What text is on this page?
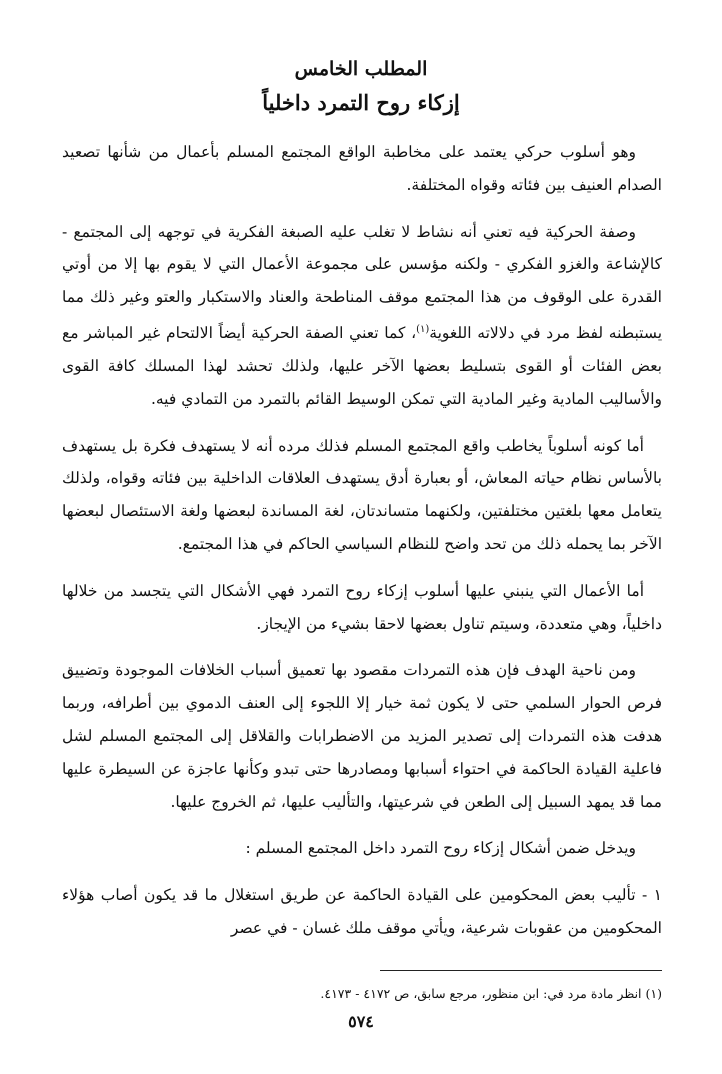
المطلب الخامس
إزكاء روح التمرد داخلياً

وهو أسلوب حركي يعتمد على مخاطبة الواقع المجتمع المسلم بأعمال من شأنها تصعيد الصدام العنيف بين فئاته وقواه المختلفة.

وصفة الحركية فيه تعني أنه نشاط لا تغلب عليه الصبغة الفكرية في توجهه إلى المجتمع - كالإشاعة والغزو الفكري - ولكنه مؤسس على مجموعة الأعمال التي لا يقوم بها إلا من أوتي القدرة على الوقوف من هذا المجتمع موقف المناطحة والعناد والاستكبار والعتو وغير ذلك مما يستبطنه لفظ مرد في دلالاته اللغوية$^{(١)}$، كما تعني الصفة الحركية أيضاً الالتحام غير المباشر مع بعض الفئات أو القوى بتسليط بعضها الآخر عليها، ولذلك تحشد لهذا المسلك كافة القوى والأساليب المادية وغير المادية التي تمكن الوسيط القائم بالتمرد من التمادي فيه.

أما كونه أسلوباً يخاطب واقع المجتمع المسلم فذلك مرده أنه لا يستهدف فكرة بل يستهدف بالأساس نظام حياته المعاش، أو بعبارة أدق يستهدف العلاقات الداخلية بين فئاته وقواه، ولذلك يتعامل معها بلغتين مختلفتين، ولكنهما متساندتان، لغة المساندة لبعضها ولغة الاستئصال لبعضها الآخر بما يحمله ذلك من تحد واضح للنظام السياسي الحاكم في هذا المجتمع.

أما الأعمال التي ينبني عليها أسلوب إزكاء روح التمرد فهي الأشكال التي يتجسد من خلالها داخلياً، وهي متعددة، وسيتم تناول بعضها لاحقا بشيء من الإيجاز.

ومن ناحية الهدف فإن هذه التمردات مقصود بها تعميق أسباب الخلافات الموجودة وتضييق فرص الحوار السلمي حتى لا يكون ثمة خيار إلا اللجوء إلى العنف الدموي بين أطرافه، وربما هدفت هذه التمردات إلى تصدير المزيد من الاضطرابات والقلاقل إلى المجتمع المسلم لشل فاعلية القيادة الحاكمة في احتواء أسبابها ومصادرها حتى تبدو وكأنها عاجزة عن السيطرة عليها مما قد يمهد السبيل إلى الطعن في شرعيتها، والتأليب عليها، ثم الخروج عليها.

ويدخل ضمن أشكال إزكاء روح التمرد داخل المجتمع المسلم :

١ - تأليب بعض المحكومين على القيادة الحاكمة عن طريق استغلال ما قد يكون أصاب هؤلاء المحكومين من عقوبات شرعية، ويأتي موقف ملك غسان - في عصر

(١) انظر مادة مرد في: ابن منظور، مرجع سابق، ص ٤١٧٢ - ٤١٧٣.
٥٧٤
